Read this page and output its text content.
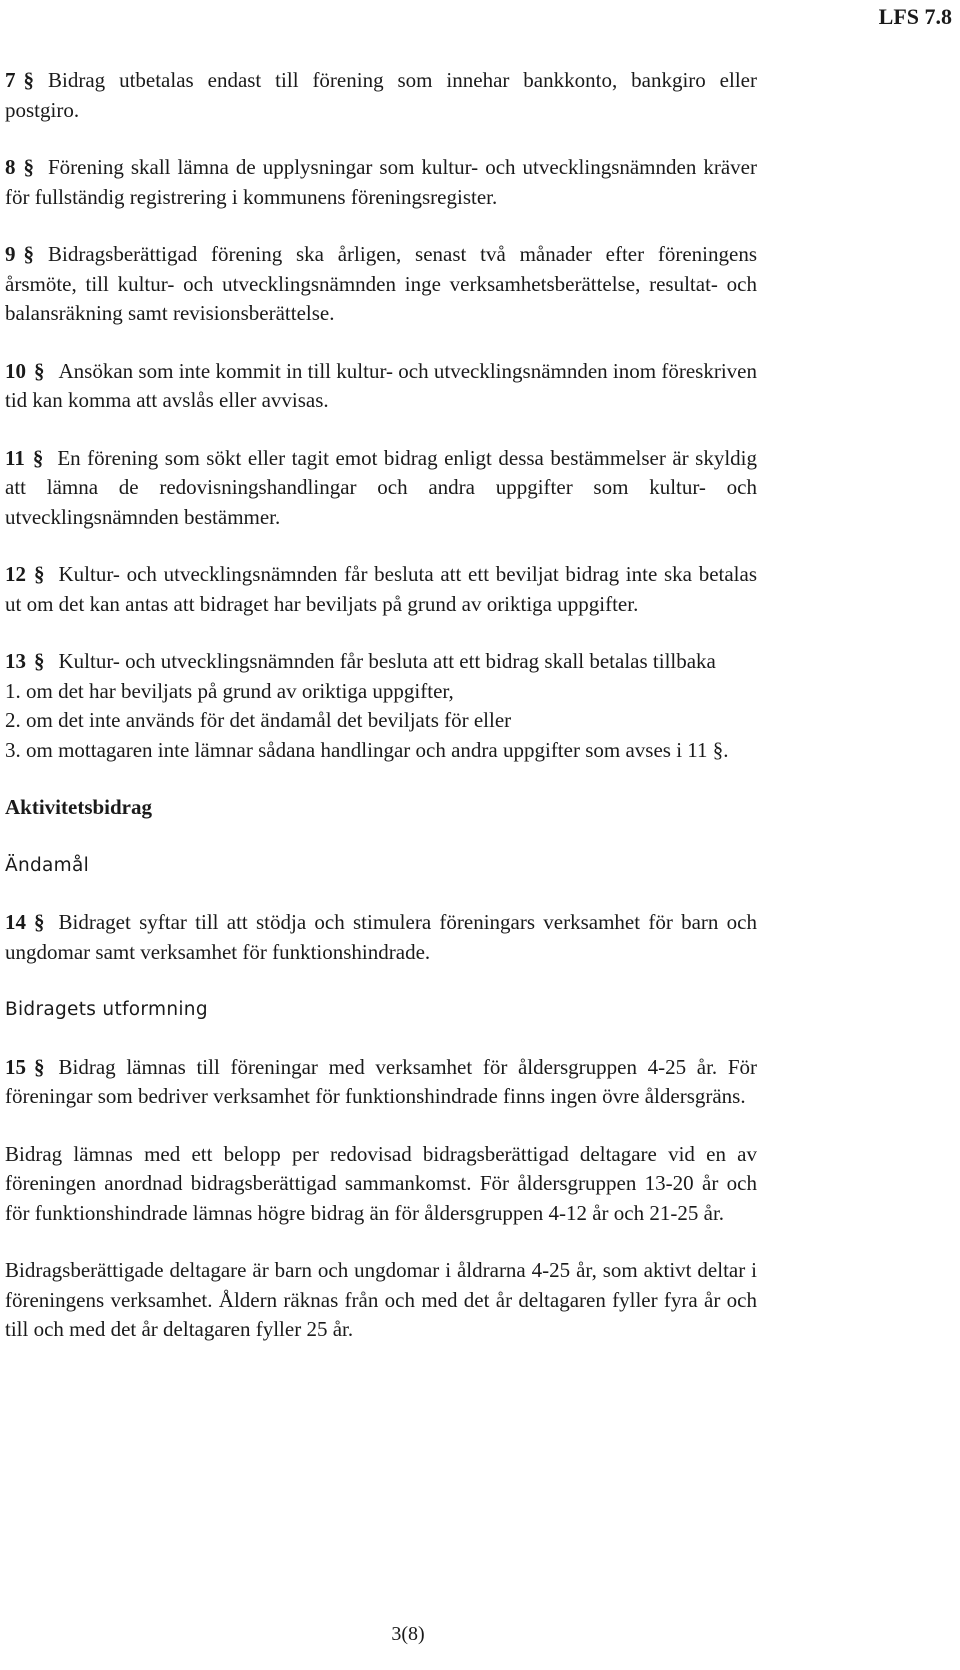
LFS 7.8

7 § Bidrag utbetalas endast till förening som innehar bankkonto, bankgiro eller postgiro.

8 § Förening skall lämna de upplysningar som kultur- och utvecklingsnämnden kräver för fullständig registrering i kommunens föreningsregister.

9 § Bidragsberättigad förening ska årligen, senast två månader efter föreningens årsmöte, till kultur- och utvecklingsnämnden inge verksamhetsberättelse, resultat- och balansräkning samt revisionsberättelse.

10 § Ansökan som inte kommit in till kultur- och utvecklingsnämnden inom föreskriven tid kan komma att avslås eller avvisas.

11 § En förening som sökt eller tagit emot bidrag enligt dessa bestämmelser är skyldig att lämna de redovisningshandlingar och andra uppgifter som kultur- och utvecklingsnämnden bestämmer.

12 § Kultur- och utvecklingsnämnden får besluta att ett beviljat bidrag inte ska betalas ut om det kan antas att bidraget har beviljats på grund av oriktiga uppgifter.

13 § Kultur- och utvecklingsnämnden får besluta att ett bidrag skall betalas tillbaka

1. om det har beviljats på grund av oriktiga uppgifter,

2. om det inte används för det ändamål det beviljats för eller

3. om mottagaren inte lämnar sådana handlingar och andra uppgifter som avses i 11 §.

Aktivitetsbidrag

Ändamål

14 § Bidraget syftar till att stödja och stimulera föreningars verksamhet för barn och ungdomar samt verksamhet för funktionshindrade.

Bidragets utformning

15 § Bidrag lämnas till föreningar med verksamhet för åldersgruppen 4-25 år. För föreningar som bedriver verksamhet för funktionshindrade finns ingen övre åldersgräns.

Bidrag lämnas med ett belopp per redovisad bidragsberättigad deltagare vid en av föreningen anordnad bidragsberättigad sammankomst. För åldersgruppen 13-20 år och för funktionshindrade lämnas högre bidrag än för åldersgruppen 4-12 år och 21-25 år.

Bidragsberättigade deltagare är barn och ungdomar i åldrarna 4-25 år, som aktivt deltar i föreningens verksamhet. Åldern räknas från och med det år deltagaren fyller fyra år och till och med det år deltagaren fyller 25 år.

3(8)
